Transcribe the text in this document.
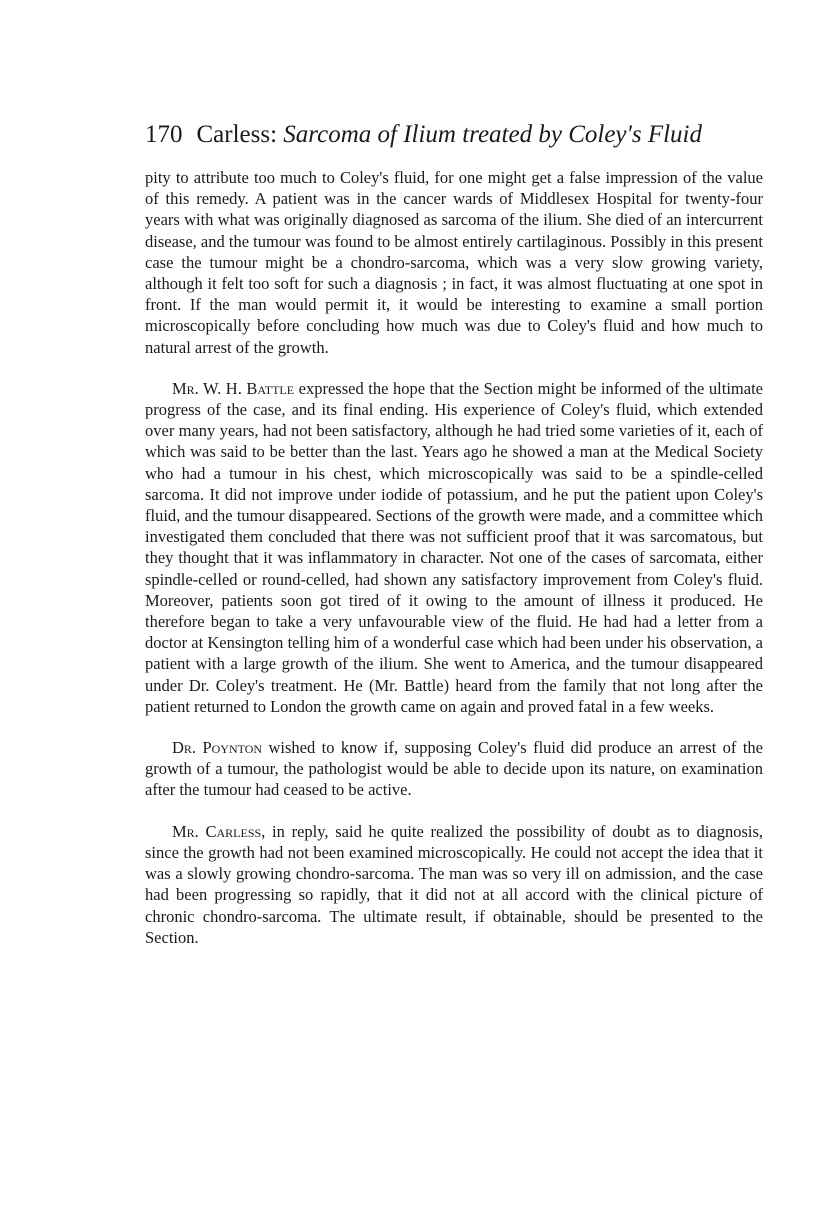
170 Carless: Sarcoma of Ilium treated by Coley's Fluid

pity to attribute too much to Coley's fluid, for one might get a false impression of the value of this remedy. A patient was in the cancer wards of Middlesex Hospital for twenty-four years with what was originally diagnosed as sarcoma of the ilium. She died of an intercurrent disease, and the tumour was found to be almost entirely cartilaginous. Possibly in this present case the tumour might be a chondro-sarcoma, which was a very slow growing variety, although it felt too soft for such a diagnosis ; in fact, it was almost fluctuating at one spot in front. If the man would permit it, it would be interesting to examine a small portion microscopically before concluding how much was due to Coley's fluid and how much to natural arrest of the growth.

Mr. W. H. Battle expressed the hope that the Section might be informed of the ultimate progress of the case, and its final ending. His experience of Coley's fluid, which extended over many years, had not been satisfactory, although he had tried some varieties of it, each of which was said to be better than the last. Years ago he showed a man at the Medical Society who had a tumour in his chest, which microscopically was said to be a spindle-celled sarcoma. It did not improve under iodide of potassium, and he put the patient upon Coley's fluid, and the tumour disappeared. Sections of the growth were made, and a committee which investigated them concluded that there was not sufficient proof that it was sarcomatous, but they thought that it was inflammatory in character. Not one of the cases of sarcomata, either spindle-celled or round-celled, had shown any satisfactory improvement from Coley's fluid. Moreover, patients soon got tired of it owing to the amount of illness it produced. He therefore began to take a very unfavourable view of the fluid. He had had a letter from a doctor at Kensington telling him of a wonderful case which had been under his observation, a patient with a large growth of the ilium. She went to America, and the tumour disappeared under Dr. Coley's treatment. He (Mr. Battle) heard from the family that not long after the patient returned to London the growth came on again and proved fatal in a few weeks.

Dr. Poynton wished to know if, supposing Coley's fluid did produce an arrest of the growth of a tumour, the pathologist would be able to decide upon its nature, on examination after the tumour had ceased to be active.

Mr. Carless, in reply, said he quite realized the possibility of doubt as to diagnosis, since the growth had not been examined microscopically. He could not accept the idea that it was a slowly growing chondro-sarcoma. The man was so very ill on admission, and the case had been progressing so rapidly, that it did not at all accord with the clinical picture of chronic chondro-sarcoma. The ultimate result, if obtainable, should be presented to the Section.
